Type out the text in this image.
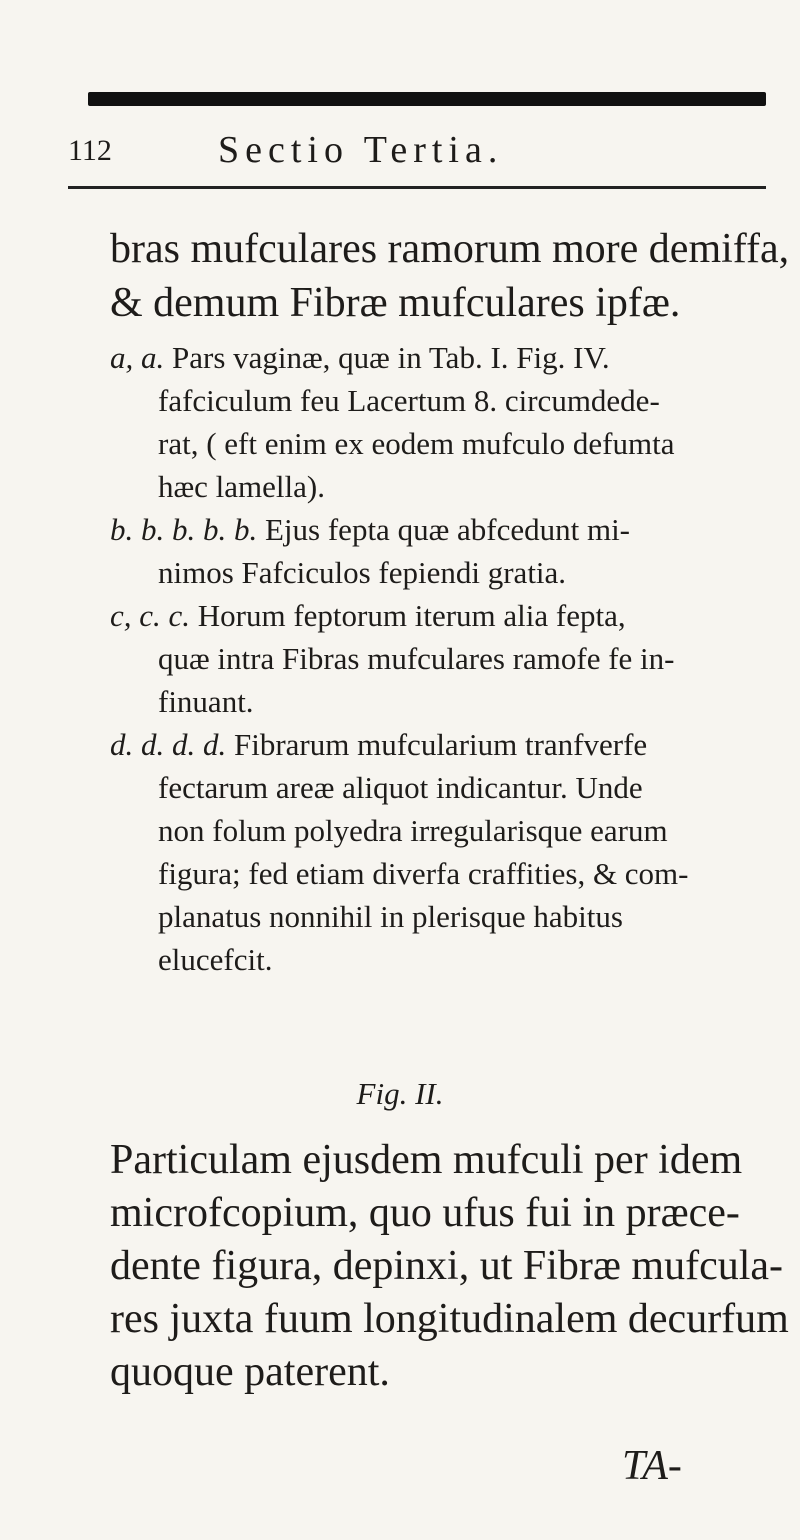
112	Sectio Tertia.
bras mufculares ramorum more demiffa,
& demum Fibræ mufculares ipfæ.
a, a. Pars vaginæ, quæ in Tab. I. Fig. IV.
fafciculum feu Lacertum 8. circumdede-
rat, ( eft enim ex eodem mufculo defumta
hæc lamella).
b. b. b. b. b. Ejus fepta quæ abfcedunt mi-
nimos Fafciculos fepiendi gratia.
c, c. c. Horum feptorum iterum alia fepta,
quæ intra Fibras mufculares ramofe fe in-
finuant.
d. d. d. d. Fibrarum mufcularium tranfverfe
fectarum areæ aliquot indicantur. Unde
non folum polyedra irregularisque earum
figura; fed etiam diverfa craffities, & com-
planatus nonnihil in plerisque habitus
elucefcit.
Fig. II.
Particulam ejusdem mufculi per idem
microfcopium, quo ufus fui in præce-
dente figura, depinxi, ut Fibræ mufcula-
res juxta fuum longitudinalem decurfum
quoque paterent.
TA-
